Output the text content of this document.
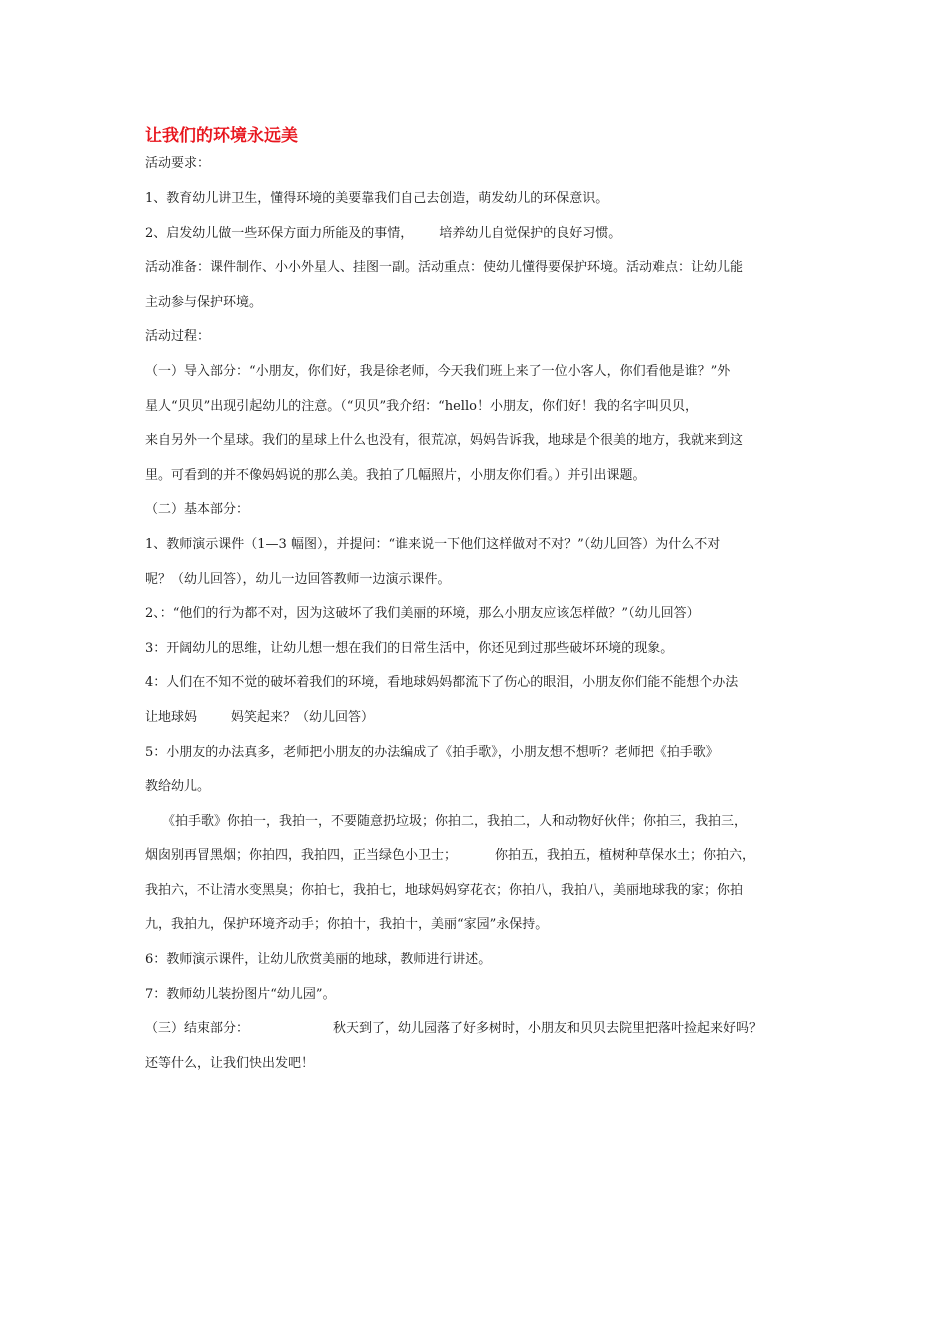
让我们的环境永远美
活动要求：
1、教育幼儿讲卫生，懂得环境的美要靠我们自己去创造，萌发幼儿的环保意识。
2、启发幼儿做一些环保方面力所能及的事情， 培养幼儿自觉保护的良好习惯。
活动准备：课件制作、小小外星人、挂图一副。活动重点：使幼儿懂得要保护环境。活动难点：让幼儿能
主动参与保护环境。
活动过程：
（一）导入部分：“小朋友，你们好，我是徐老师，今天我们班上来了一位小客人，你们看他是谁？”外
星人“贝贝”出现引起幼儿的注意。（“贝贝”我介绍：“hello！小朋友，你们好！我的名字叫贝贝，
来自另外一个星球。我们的星球上什么也没有，很荒凉，妈妈告诉我，地球是个很美的地方，我就来到这
里。可看到的并不像妈妈说的那么美。我拍了几幅照片，小朋友你们看。）并引出课题。
（二）基本部分：
1、教师演示课件（1—3 幅图），并提问：“谁来说一下他们这样做对不对？”（幼儿回答）为什么不对
呢？（幼儿回答），幼儿一边回答教师一边演示课件。
2、：“他们的行为都不对，因为这破坏了我们美丽的环境，那么小朋友应该怎样做？”（幼儿回答）
3：开阔幼儿的思维，让幼儿想一想在我们的日常生活中，你还见到过那些破坏环境的现象。
4：人们在不知不觉的破坏着我们的环境，看地球妈妈都流下了伤心的眼泪，小朋友你们能不能想个办法
让地球妈	妈笑起来？（幼儿回答）
5：小朋友的办法真多，老师把小朋友的办法编成了《拍手歌》，小朋友想不想听？老师把《拍手歌》
教给幼儿。
《拍手歌》你拍一，我拍一，不要随意扔垃圾；你拍二，我拍二，人和动物好伙伴；你拍三，我拍三，
烟囱别再冒黑烟；你拍四，我拍四，正当绿色小卫士；	你拍五，我拍五，植树种草保水土；你拍六，
我拍六，不让清水变黑臭；你拍七，我拍七，地球妈妈穿花衣；你拍八，我拍八，美丽地球我的家；你拍
九，我拍九，保护环境齐动手；你拍十，我拍十，美丽“家园”永保持。
6：教师演示课件，让幼儿欣赏美丽的地球，教师进行讲述。
7：教师幼儿装扮图片“幼儿园”。
（三）结束部分：	秋天到了，幼儿园落了好多树时，小朋友和贝贝去院里把落叶捡起来好吗？
还等什么，让我们快出发吧！
